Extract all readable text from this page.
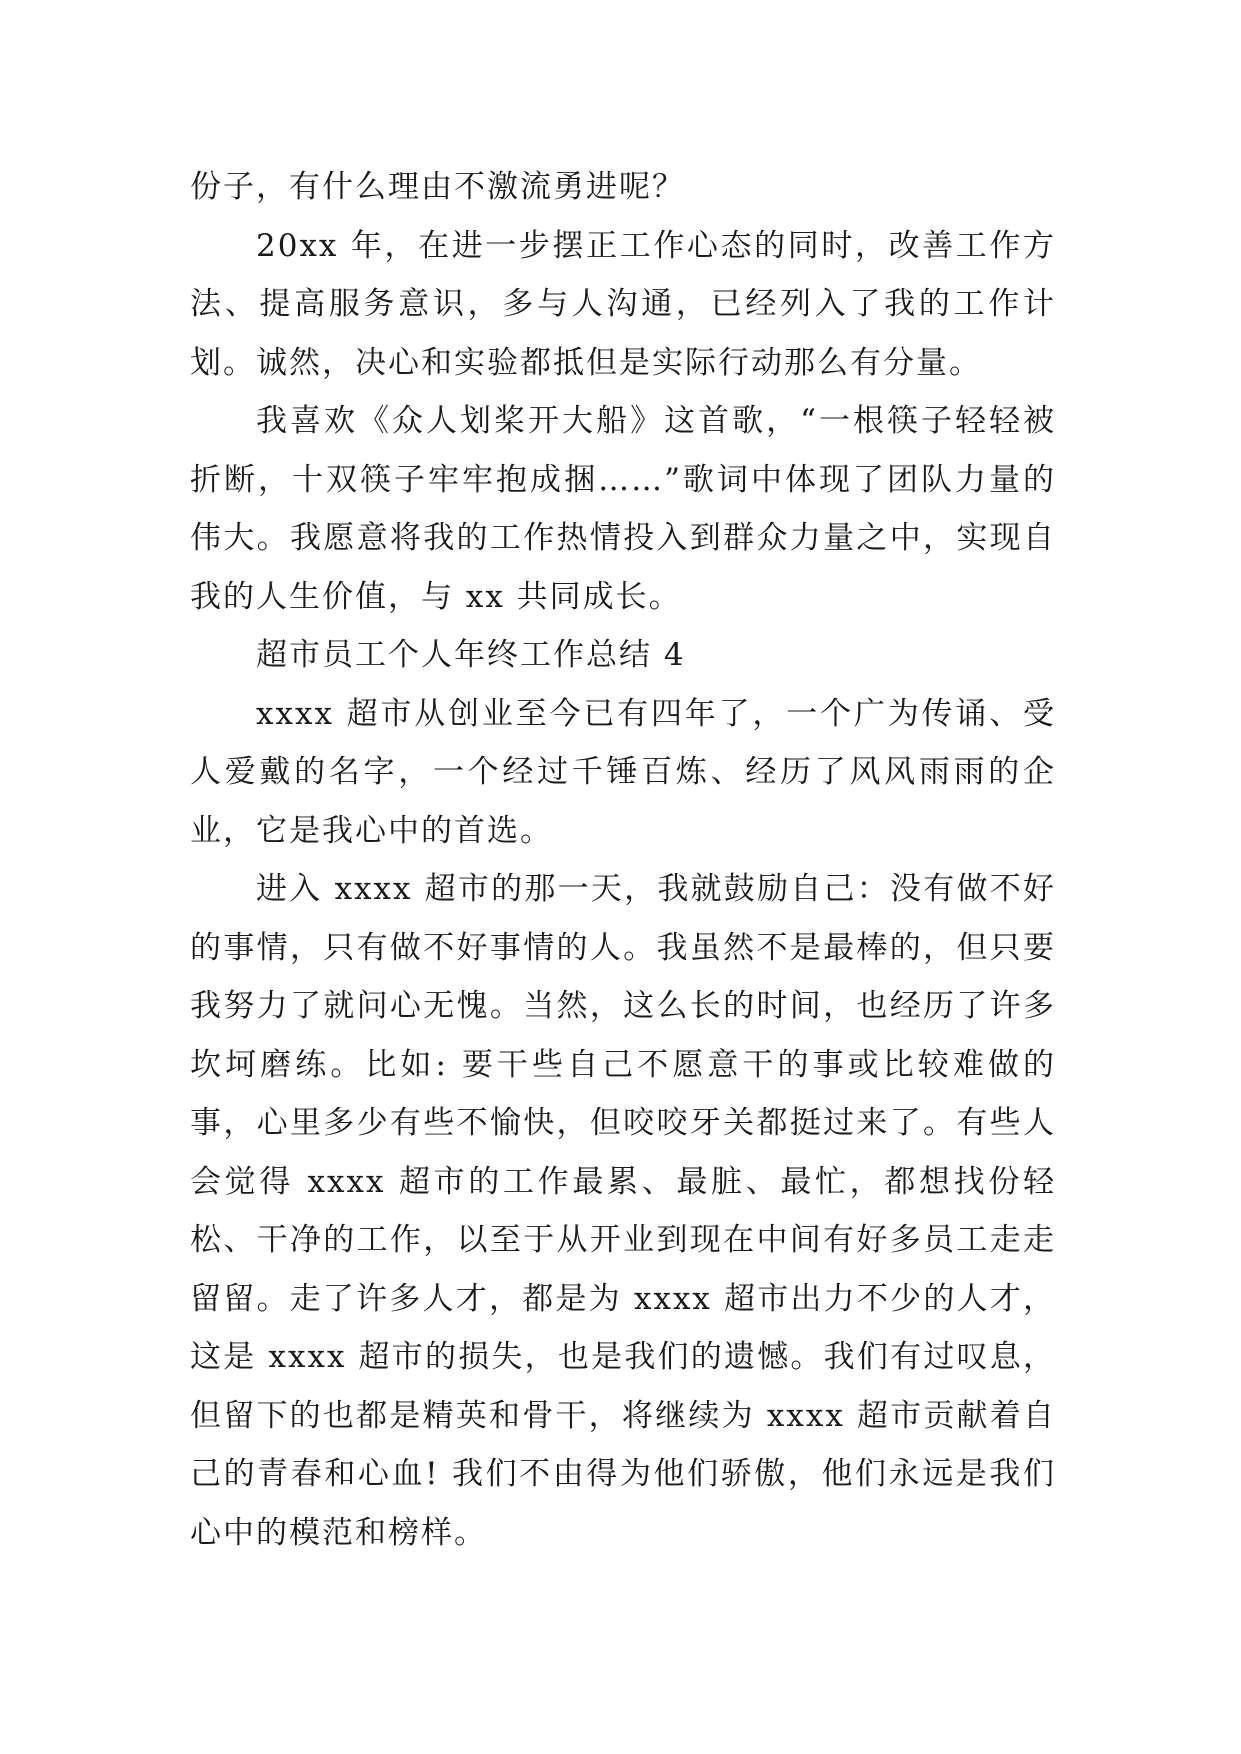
份子，有什么理由不激流勇进呢？

20xx 年，在进一步摆正工作心态的同时，改善工作方法、提高服务意识，多与人沟通，已经列入了我的工作计划。诚然，决心和实验都抵但是实际行动那么有分量。

我喜欢《众人划桨开大船》这首歌，“一根筷子轻轻被折断，十双筷子牢牢抱成捆……”歌词中体现了团队力量的伟大。我愿意将我的工作热情投入到群众力量之中，实现自我的人生价值，与 xx 共同成长。

超市员工个人年终工作总结 4

xxxx 超市从创业至今已有四年了，一个广为传诵、受人爱戴的名字，一个经过千锤百炼、经历了风风雨雨的企业，它是我心中的首选。

进入 xxxx 超市的那一天，我就鼓励自己：没有做不好的事情，只有做不好事情的人。我虽然不是最棒的，但只要我努力了就问心无愧。当然，这么长的时间，也经历了许多坎坷磨练。比如: 要干些自己不愿意干的事或比较难做的事，心里多少有些不愉快，但咬咬牙关都挺过来了。有些人会觉得 xxxx 超市的工作最累、最脏、最忙，都想找份轻松、干净的工作，以至于从开业到现在中间有好多员工走走留留。走了许多人才，都是为 xxxx 超市出力不少的人才，这是 xxxx 超市的损失，也是我们的遗憾。我们有过叹息，但留下的也都是精英和骨干，将继续为 xxxx 超市贡献着自己的青春和心血! 我们不由得为他们骄傲，他们永远是我们心中的模范和榜样。
